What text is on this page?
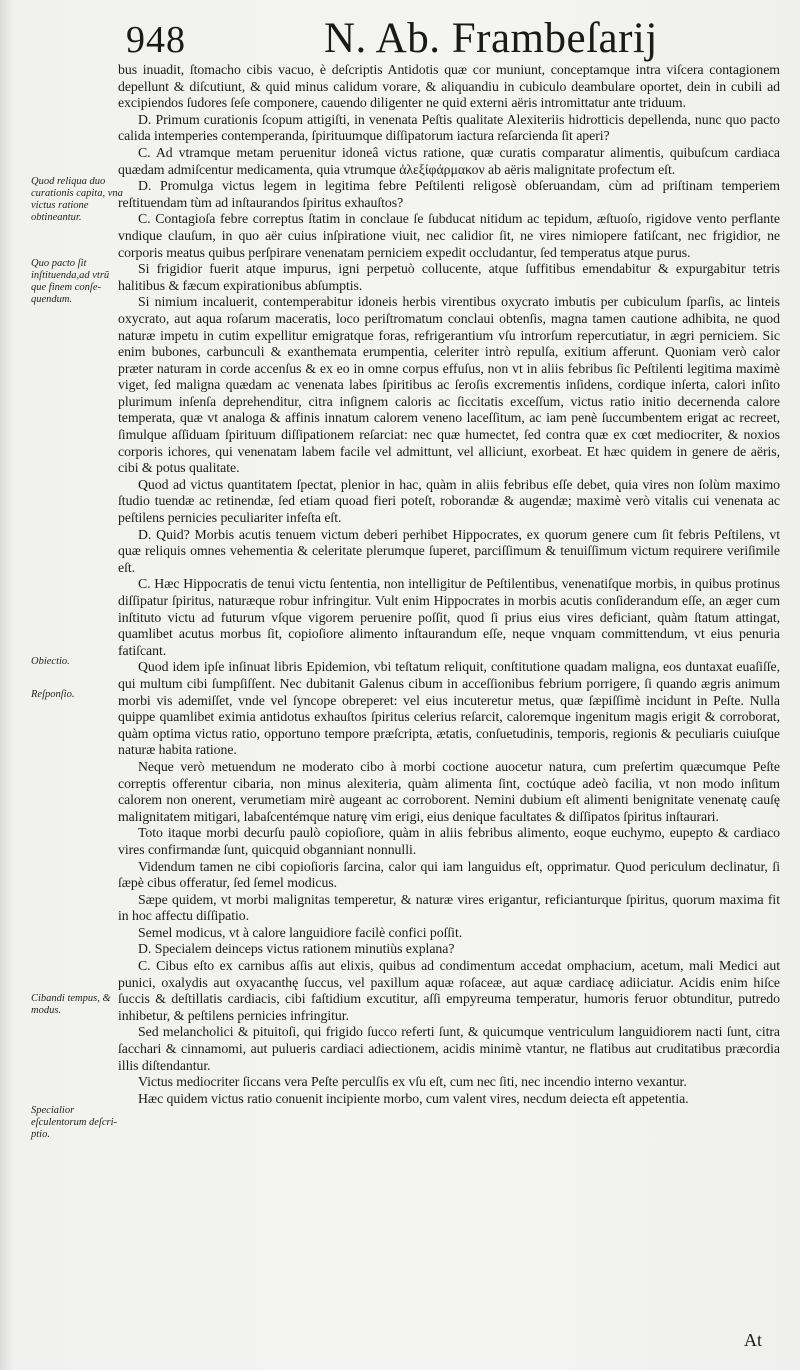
948	N. Ab. Frambeſarij
Quod reliqua duo curationis capita, vna victus ratione obtineantur.
Quo pacto ſit inſtituenda,ad vtrũ que finem conſe- quendum.
Obiectio.
Reſponſio.
Cibandi tempus, & modus.
Specialior eſculentorum deſcri- ptio.

bus inuadit, ſtomacho cibis vacuo, è deſcriptis Antidotis quæ cor muniunt, conceptamque intra viſcera contagionem depellunt & diſcutiunt, & quid minus calidum vorare, & aliquandiu in cubiculo deambulare oportet, dein in cubili ad excipiendos ſudores ſeſe componere, cauendo diligenter ne quid externi aëris intromittatur ante triduum.

D. Primum curationis ſcopum attigiſti, in venenata Peſtis qualitate Alexiteriis hidrotticis depellenda, nunc quo pacto calida intemperies contemperanda, ſpirituumque diſſipatorum iactura reſarcienda ſit aperi?

C. Ad vtramque metam peruenitur idoneâ victus ratione, quæ curatis comparatur alimentis, quibuſcum cardiaca quædam admiſcentur medicamenta, quia vtrumque ἀλεξίφάρμακον ab aëris malignitate profectum eſt.

D. Promulga victus legem in legitima febre Peſtilenti religosè obſeruandam, cùm ad priſtinam temperiem reſtituendam tùm ad inſtaurandos ſpiritus exhauſtos?

C. Contagioſa febre correptus ſtatim in conclaue ſe ſubducat nitidum ac tepidum, æſtuoſo, rigidove vento perflante vndique clauſum, in quo aër cuius inſpiratione viuit, nec calidior ſit, ne vires nimiopere fatiſcant, nec frigidior, ne corporis meatus quibus perſpirare venenatam perniciem expedit occludantur, ſed temperatus atque purus.

Si frigidior fuerit atque impurus, igni perpetuò collucente, atque ſuffitibus emendabitur & expurgabitur tetris halitibus & fæcum expirationibus abſumptis.

Si nimium incaluerit, contemperabitur idoneis herbis virentibus oxycrato imbutis per cubiculum ſparſis, ac linteis oxycrato, aut aqua roſarum maceratis, loco periſtromatum conclaui obtenſis, magna tamen cautione adhibita, ne quod naturæ impetu in cutim expellitur emigratque foras, refrigerantium vſu introrſum repercutiatur, in ægri perniciem. Sic enim bubones, carbunculi & exanthemata erumpentia, celeriter intrò repulſa, exitium afferunt. Quoniam verò calor præter naturam in corde accenſus & ex eo in omne corpus effuſus, non vt in aliis febribus ſic Peſtilenti legitima maximè viget, ſed maligna quædam ac venenata labes ſpiritibus ac ſeroſis excrementis inſidens, cordique inſerta, calori inſito plurimum inſenſa deprehenditur, citra inſignem caloris ac ſiccitatis exceſſum, victus ratio initio decernenda calore temperata, quæ vt analoga & affinis innatum calorem veneno laceſſitum, ac iam penè ſuccumbentem erigat ac recreet, ſimulque aſſiduam ſpirituum diſſipationem reſarciat: nec quæ humectet, ſed contra quæ ex cœt mediocriter, & noxios corporis ichores, qui venenatam labem facile vel admittunt, vel alliciunt, exorbeat. Et hæc quidem in genere de aëris, cibi & potus qualitate.

Quod ad victus quantitatem ſpectat, plenior in hac, quàm in aliis febribus eſſe debet, quia vires non ſolùm maximo ſtudio tuendæ ac retinendæ, ſed etiam quoad fieri poteſt, roborandæ & augendæ; maximè verò vitalis cui venenata ac peſtilens pernicies peculiariter infeſta eſt.

D. Quid? Morbis acutis tenuem victum deberi perhibet Hippocrates, ex quorum genere cum ſit febris Peſtilens, vt quæ reliquis omnes vehementia & celeritate plerumque ſuperet, parciſſimum & tenuiſſimum victum requirere veriſimile eſt.

C. Hæc Hippocratis de tenui victu ſententia, non intelligitur de Peſtilentibus, venenatiſque morbis, in quibus protinus diſſipatur ſpiritus, naturæque robur infringitur. Vult enim Hippocrates in morbis acutis conſiderandum eſſe, an æger cum inſtituto victu ad futurum vſque vigorem peruenire poſſit, quod ſi prius eius vires deficiant, quàm ſtatum attingat, quamlibet acutus morbus ſit, copioſiore alimento inſtaurandum eſſe, neque vnquam committendum, vt eius penuria fatiſcant.

Quod idem ipſe inſinuat libris Epidemion, vbi teſtatum reliquit, conſtitutione quadam maligna, eos duntaxat euaſiſſe, qui multum cibi ſumpſiſſent. Nec dubitanit Galenus cibum in acceſſionibus febrium porrigere, ſi quando ægris animum morbi vis ademiſſet, vnde vel ſyncope obreperet: vel eius incuteretur metus, quæ ſæpiſſimè incidunt in Peſte. Nulla quippe quamlibet eximia antidotus exhauſtos ſpiritus celerius reſarcit, caloremque ingenitum magis erigit & corroborat, quàm optima victus ratio, opportuno tempore præſcripta, ætatis, conſuetudinis, temporis, regionis & peculiaris cuiuſque naturæ habita ratione.

Neque verò metuendum ne moderato cibo à morbi coctione auocetur natura, cum preſertim quæcumque Peſte correptis offerentur cibaria, non minus alexiteria, quàm alimenta ſint, coctúque adeò facilia, vt non modo inſitum calorem non onerent, verumetiam mirè augeant ac corroborent. Nemini dubium eſt alimenti benignitate venenatę cauſę malignitatem mitigari, labaſcentémque naturę vim erigi, eius denique facultates & diſſipatos ſpiritus inſtaurari.

Toto itaque morbi decurſu paulò copioſiore, quàm in aliis febribus alimento, eoque euchymo, eupepto & cardiaco vires confirmandæ ſunt, quicquid obganniant nonnulli.

Videndum tamen ne cibi copioſioris ſarcina, calor qui iam languidus eſt, opprimatur. Quod periculum declinatur, ſi ſæpè cibus offeratur, ſed ſemel modicus.

Sæpe quidem, vt morbi malignitas temperetur, & naturæ vires erigantur, reficianturque ſpiritus, quorum maxima fit in hoc affectu diſſipatio.

Semel modicus, vt à calore languidiore facilè confici poſſit.

D. Specialem deinceps victus rationem minutiùs explana?

C. Cibus eſto ex carnibus aſſis aut elixis, quibus ad condimentum accedat omphacium, acetum, mali Medici aut punici, oxalydis aut oxyacanthę ſuccus, vel paxillum aquæ roſaceæ, aut aquæ cardiacę adiiciatur. Acidis enim hiſce ſuccis & deſtillatis cardiacis, cibi faſtidium excutitur, aſſi empyreuma temperatur, humoris feruor obtunditur, putredo inhibetur, & peſtilens pernicies infringitur.

Sed melancholici & pituitoſi, qui frigido ſucco referti ſunt, & quicumque ventriculum languidiorem nacti ſunt, citra ſacchari & cinnamomi, aut pulueris cardiaci adiectionem, acidis minimè vtantur, ne flatibus aut cruditatibus præcordia illis diſtendantur.

Victus mediocriter ſiccans vera Peſte perculſis ex vſu eſt, cum nec ſiti, nec incendio interno vexantur.

Hæc quidem victus ratio conuenit incipiente morbo, cum valent vires, necdum deiecta eſt appetentia.

At
